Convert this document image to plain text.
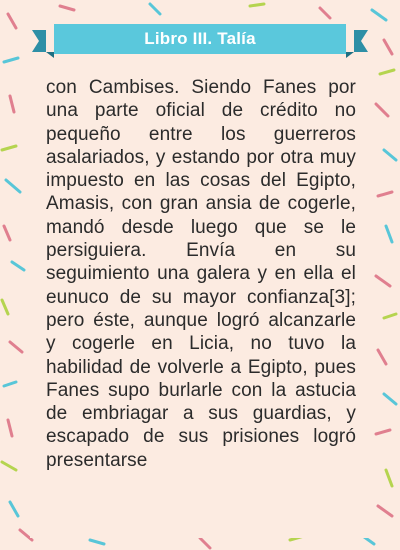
Libro III. Talía
con Cambises. Siendo Fanes por una parte oficial de crédito no pequeño entre los guerreros asalariados, y estando por otra muy impuesto en las cosas del Egipto, Amasis, con gran ansia de cogerle, mandó desde luego que se le persiguiera. Envía en su seguimiento una galera y en ella el eunuco de su mayor confianza[3]; pero éste, aunque logró alcanzarle y cogerle en Licia, no tuvo la habilidad de volverle a Egipto, pues Fanes supo burlarle con la astucia de embriagar a sus guardias, y escapado de sus prisiones logró presentarse
